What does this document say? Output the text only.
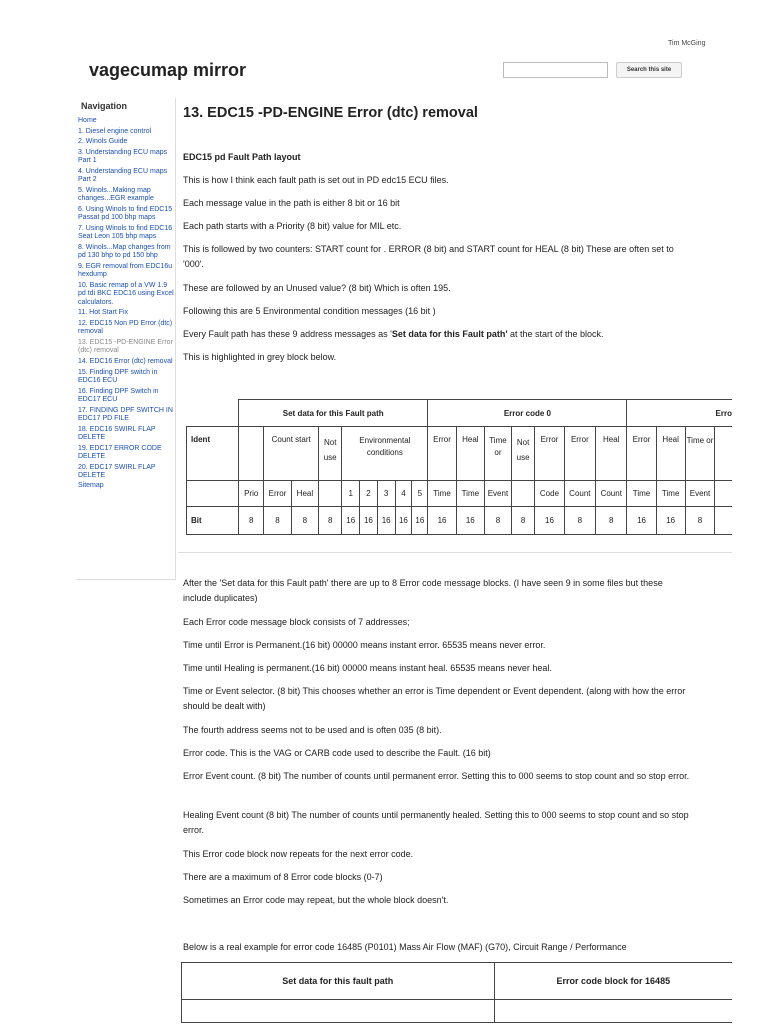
Tim McGing
vagecumap mirror	Search this site
Navigation
Home
1. Diesel engine control
2. Winols Guide
3. Understanding ECU maps Part 1
4. Understanding ECU maps Part 2
5. Winols...Making map changes...EGR example
6. Using Winols to find EDC15 Passat pd 100 bhp maps
7. Using Winols to find EDC16 Seat Leon 105 bhp maps
8. Winols...Map changes from pd 130 bhp to pd 150 bhp
9. EGR removal from EDC16u hexdump
10. Basic remap of a VW 1.9 pd tdi BKC EDC16 using Excel calculators.
11. Hot Start Fix
12. EDC15 Non PD Error (dtc) removal
13. EDC15 -PD-ENGINE Error (dtc) removal
14. EDC16 Error (dtc) removal
15. Finding DPF switch in EDC16 ECU
16. Finding DPF Switch in EDC17 ECU
17. FINDING DPF SWITCH IN EDC17 PD FILE
18. EDC16 SWIRL FLAP DELETE
19. EDC17 ERROR CODE DELETE
20. EDC17 SWIRL FLAP DELETE
Sitemap
13. EDC15 -PD-ENGINE Error (dtc) removal

EDC15 pd Fault Path layout

This is how I think each fault path is set out in PD edc15 ECU files.

Each message value in the path is either 8 bit or 16 bit

Each path starts with a Priority (8 bit) value for MIL etc.

This is followed by two counters: START count for . ERROR (8 bit) and START count for HEAL (8 bit) These are often set to '000'.

These are followed by an Unused value? (8 bit) Which is often 195.

Following this are 5 Environmental condition messages (16 bit )

Every Fault path has these 9 address messages as 'Set data for this Fault path' at the start of the block.

This is highlighted in grey block below.

	Set data for this Fault path									Error code 0							Erro			
Ident		Count start		Not use	Environmental conditions					Error	Heal	Time or	Not use	Error	Error	Heal	Error	Heal	Time or	
	Prio	Error	Heal		1	2	3	4	5	Time	Time	Event		Code	Count	Count	Time	Time	Event	
Bit	8	8	8	8	16	16	16	16	16	16	16	8	8	16	8	8	16	16	8	

After the 'Set data for this Fault path' there are up to 8 Error code message blocks. (I have seen 9 in some files but these include duplicates)

Each Error code message block consists of 7 addresses;

Time until Error is Permanent.(16 bit) 00000 means instant error. 65535 means never error.

Time until Healing is permanent.(16 bit) 00000 means instant heal. 65535 means never heal.

Time or Event selector. (8 bit) This chooses whether an error is Time dependent or Event dependent. (along with how the error should be dealt with)

The fourth address seems not to be used and is often 035 (8 bit).

Error code. This is the VAG or CARB code used to describe the Fault. (16 bit)

Error Event count. (8 bit) The number of counts until permanent error. Setting this to 000 seems to stop count and so stop error.

Healing Event count (8 bit) The number of counts until permanently healed. Setting this to 000 seems to stop count and so stop error.

This Error code block now repeats for the next error code.

There are a maximum of 8 Error code blocks (0-7)

Sometimes an Error code may repeat, but the whole block doesn't.

Below is a real example for error code 16485 (P0101) Mass Air Flow (MAF) (G70), Circuit Range / Performance

Set data for this fault path	Error code block for 16485
